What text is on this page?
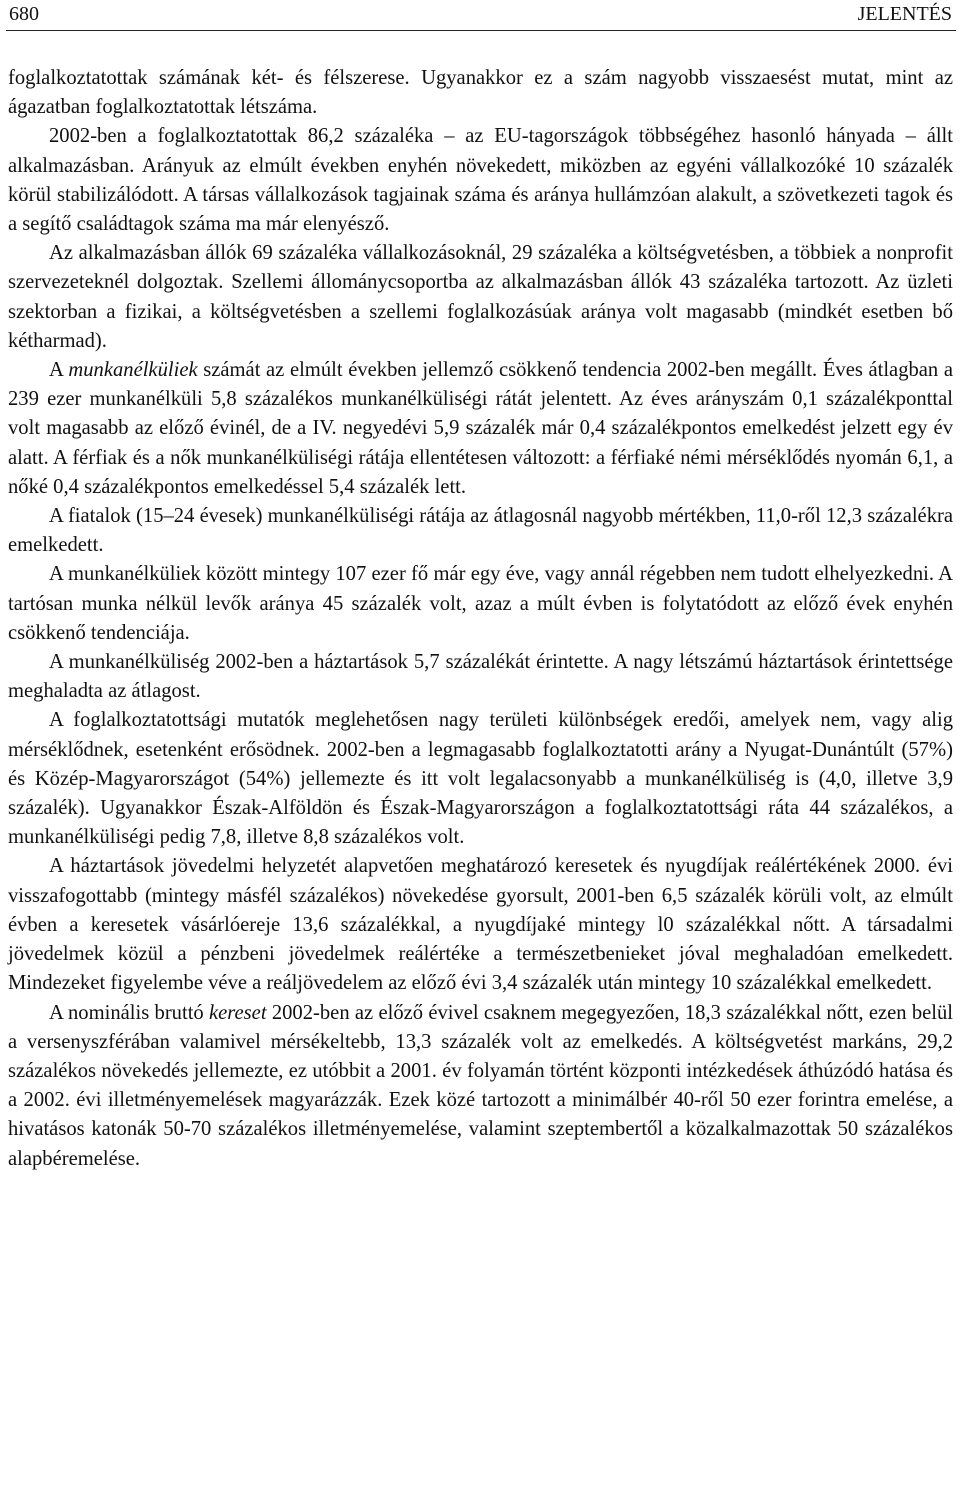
680	JELENTÉS

foglalkoztatottak számának két- és félszerese. Ugyanakkor ez a szám nagyobb visszaesést mutat, mint az ágazatban foglalkoztatottak létszáma.

2002-ben a foglalkoztatottak 86,2 százaléka – az EU-tagországok többségéhez hasonló hányada – állt alkalmazásban. Arányuk az elmúlt években enyhén növekedett, miközben az egyéni vállalkozóké 10 százalék körül stabilizálódott. A társas vállalkozások tagjainak száma és aránya hullámzóan alakult, a szövetkezeti tagok és a segítő családtagok száma ma már elenyésző.

Az alkalmazásban állók 69 százaléka vállalkozásoknál, 29 százaléka a költségvetésben, a többiek a nonprofit szervezeteknél dolgoztak. Szellemi állománycsoportba az alkalmazásban állók 43 százaléka tartozott. Az üzleti szektorban a fizikai, a költségvetésben a szellemi foglalkozásúak aránya volt magasabb (mindkét esetben bő kétharmad).

A munkanélküliek számát az elmúlt években jellemző csökkenő tendencia 2002-ben megállt. Éves átlagban a 239 ezer munkanélküli 5,8 százalékos munkanélküliségi rátát jelentett. Az éves arányszám 0,1 százalékponttal volt magasabb az előző évinél, de a IV. negyedévi 5,9 százalék már 0,4 százalékpontos emelkedést jelzett egy év alatt. A férfiak és a nők munkanélküliségi rátája ellentétesen változott: a férfiaké némi mérséklődés nyomán 6,1, a nőké 0,4 százalékpontos emelkedéssel 5,4 százalék lett.

A fiatalok (15–24 évesek) munkanélküliségi rátája az átlagosnál nagyobb mértékben, 11,0-ről 12,3 százalékra emelkedett.

A munkanélküliek között mintegy 107 ezer fő már egy éve, vagy annál régebben nem tudott elhelyezkedni. A tartósan munka nélkül levők aránya 45 százalék volt, azaz a múlt évben is folytatódott az előző évek enyhén csökkenő tendenciája.

A munkanélküliség 2002-ben a háztartások 5,7 százalékát érintette. A nagy létszámú háztartások érintettsége meghaladta az átlagost.

A foglalkoztatottsági mutatók meglehetősen nagy területi különbségek eredői, amelyek nem, vagy alig mérséklődnek, esetenként erősödnek. 2002-ben a legmagasabb foglalkoztatotti arány a Nyugat-Dunántúlt (57%) és Közép-Magyarországot (54%) jellemezte és itt volt legalacsonyabb a munkanélküliség is (4,0, illetve 3,9 százalék). Ugyanakkor Észak-Alföldön és Észak-Magyarországon a foglalkoztatottsági ráta 44 százalékos, a munkanélküliségi pedig 7,8, illetve 8,8 százalékos volt.

A háztartások jövedelmi helyzetét alapvetően meghatározó keresetek és nyugdíjak reálértékének 2000. évi visszafogottabb (mintegy másfél százalékos) növekedése gyorsult, 2001-ben 6,5 százalék körüli volt, az elmúlt évben a keresetek vásárlóereje 13,6 százalékkal, a nyugdíjaké mintegy l0 százalékkal nőtt. A társadalmi jövedelmek közül a pénzbeni jövedelmek reálértéke a természetbenieket jóval meghaladóan emelkedett. Mindezeket figyelembe véve a reáljövedelem az előző évi 3,4 százalék után mintegy 10 százalékkal emelkedett.

A nominális bruttó kereset 2002-ben az előző évivel csaknem megegyezően, 18,3 százalékkal nőtt, ezen belül a versenyszférában valamivel mérsékeltebb, 13,3 százalék volt az emelkedés. A költségvetést markáns, 29,2 százalékos növekedés jellemezte, ez utóbbit a 2001. év folyamán történt központi intézkedések áthúzódó hatása és a 2002. évi illetményemelések magyarázzák. Ezek közé tartozott a minimálbér 40-ről 50 ezer forintra emelése, a hivatásos katonák 50-70 százalékos illetményemelése, valamint szeptembertől a közalkalmazottak 50 százalékos alapbéremelése.
